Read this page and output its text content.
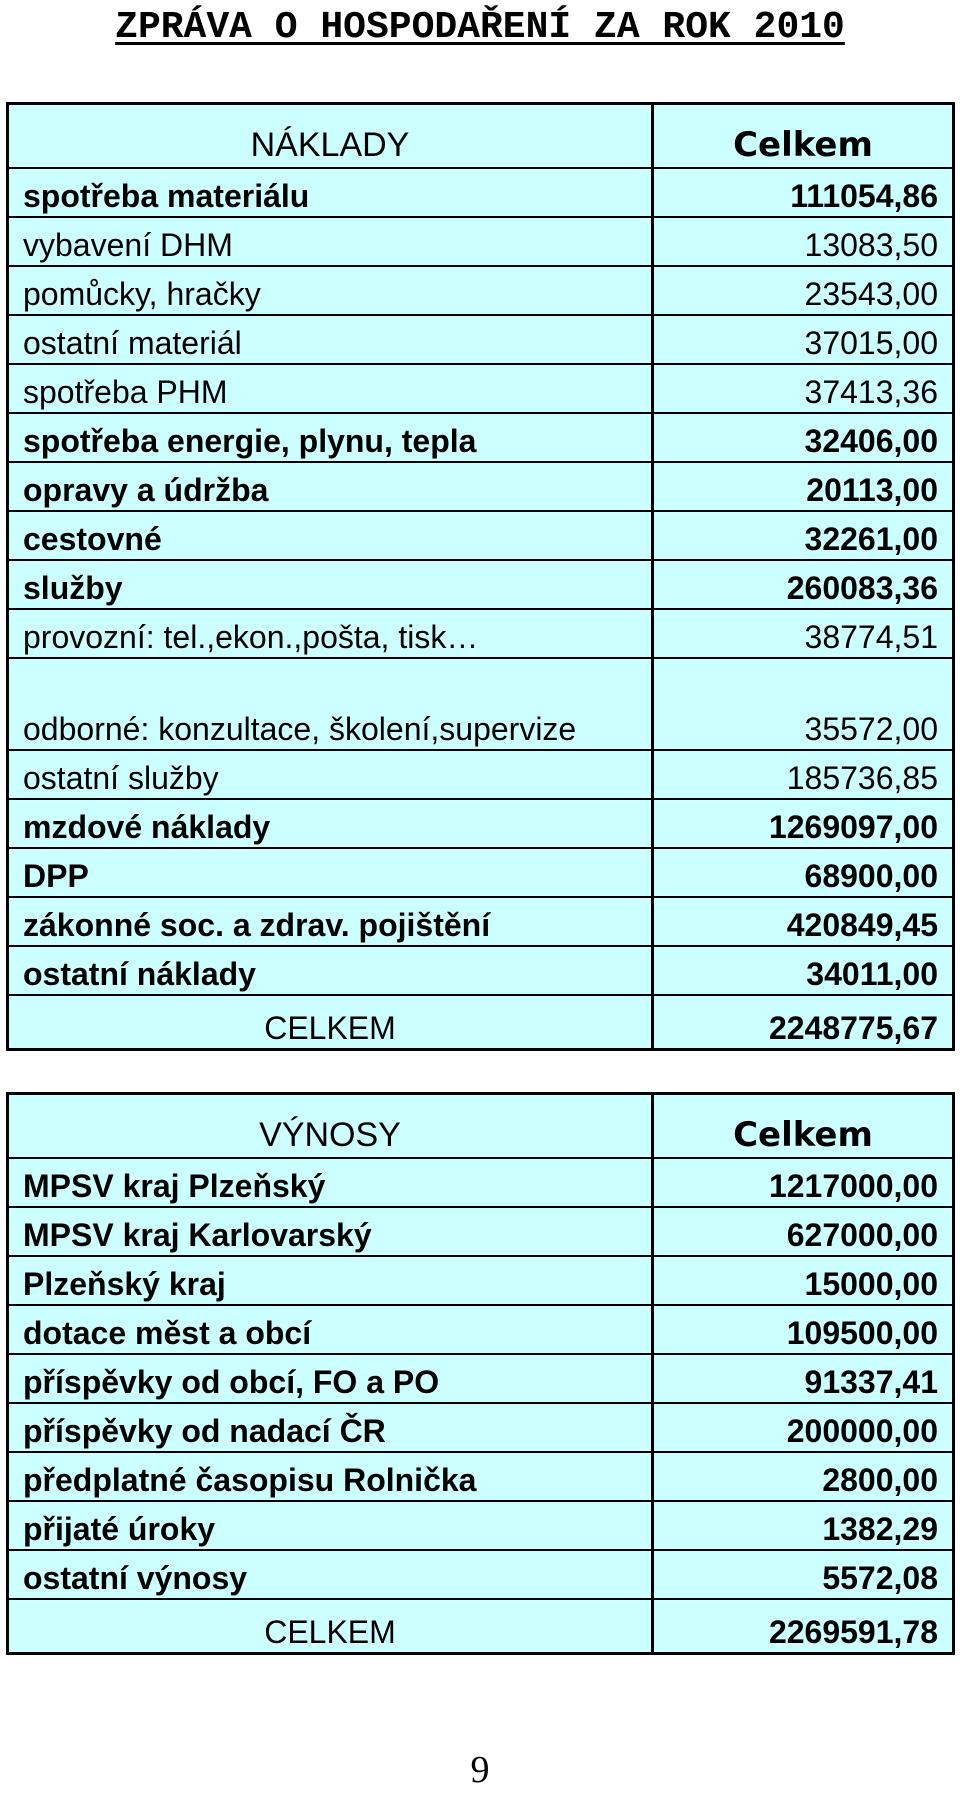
ZPRÁVA O HOSPODAŘENÍ ZA ROK 2010
NÁKLADY	Celkem
spotřeba materiálu	111054,86
vybavení DHM	13083,50
pomůcky, hračky	23543,00
ostatní materiál	37015,00
spotřeba PHM	37413,36
spotřeba energie, plynu, tepla	32406,00
opravy a údržba	20113,00
cestovné	32261,00
služby	260083,36
provozní: tel.,ekon.,pošta, tisk…	38774,51
odborné: konzultace, školení,supervize	35572,00
ostatní služby	185736,85
mzdové náklady	1269097,00
DPP	68900,00
zákonné soc. a zdrav. pojištění	420849,45
ostatní náklady	34011,00
CELKEM	2248775,67
VÝNOSY	Celkem
MPSV kraj Plzeňský	1217000,00
MPSV kraj Karlovarský	627000,00
Plzeňský kraj	15000,00
dotace měst a obcí	109500,00
příspěvky od obcí, FO a PO	91337,41
příspěvky od nadací ČR	200000,00
předplatné časopisu Rolnička	2800,00
přijaté úroky	1382,29
ostatní výnosy	5572,08
CELKEM	2269591,78
9
